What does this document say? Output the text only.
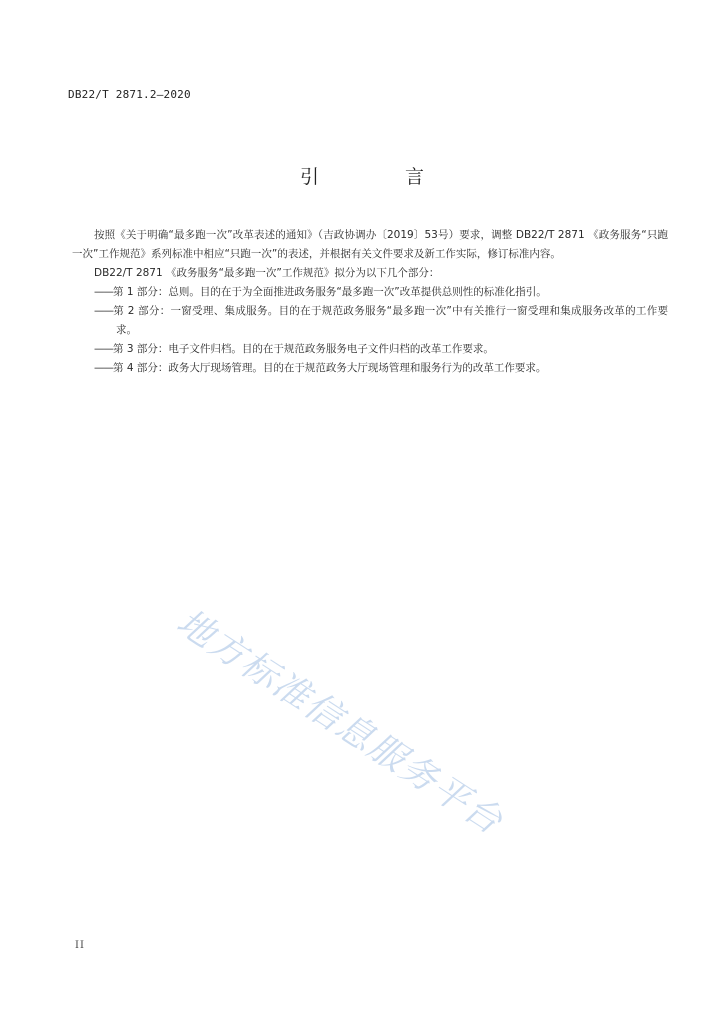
DB22/T 2871.2—2020
引 言

按照《关于明确“最多跑一次”改革表述的通知》（吉政协调办〔2019〕53号）要求，调整 DB22/T 2871 《政务服务“只跑一次”工作规范》系列标准中相应“只跑一次”的表述，并根据有关文件要求及新工作实际，修订标准内容。

DB22/T 2871 《政务服务“最多跑一次”工作规范》拟分为以下几个部分：

——第 1 部分：总则。目的在于为全面推进政务服务“最多跑一次”改革提供总则性的标准化指引。

——第 2 部分：一窗受理、集成服务。目的在于规范政务服务“最多跑一次”中有关推行一窗受理和集成服务改革的工作要求。

——第 3 部分：电子文件归档。目的在于规范政务服务电子文件归档的改革工作要求。

——第 4 部分：政务大厅现场管理。目的在于规范政务大厅现场管理和服务行为的改革工作要求。

地方标准信息服务平台
II
